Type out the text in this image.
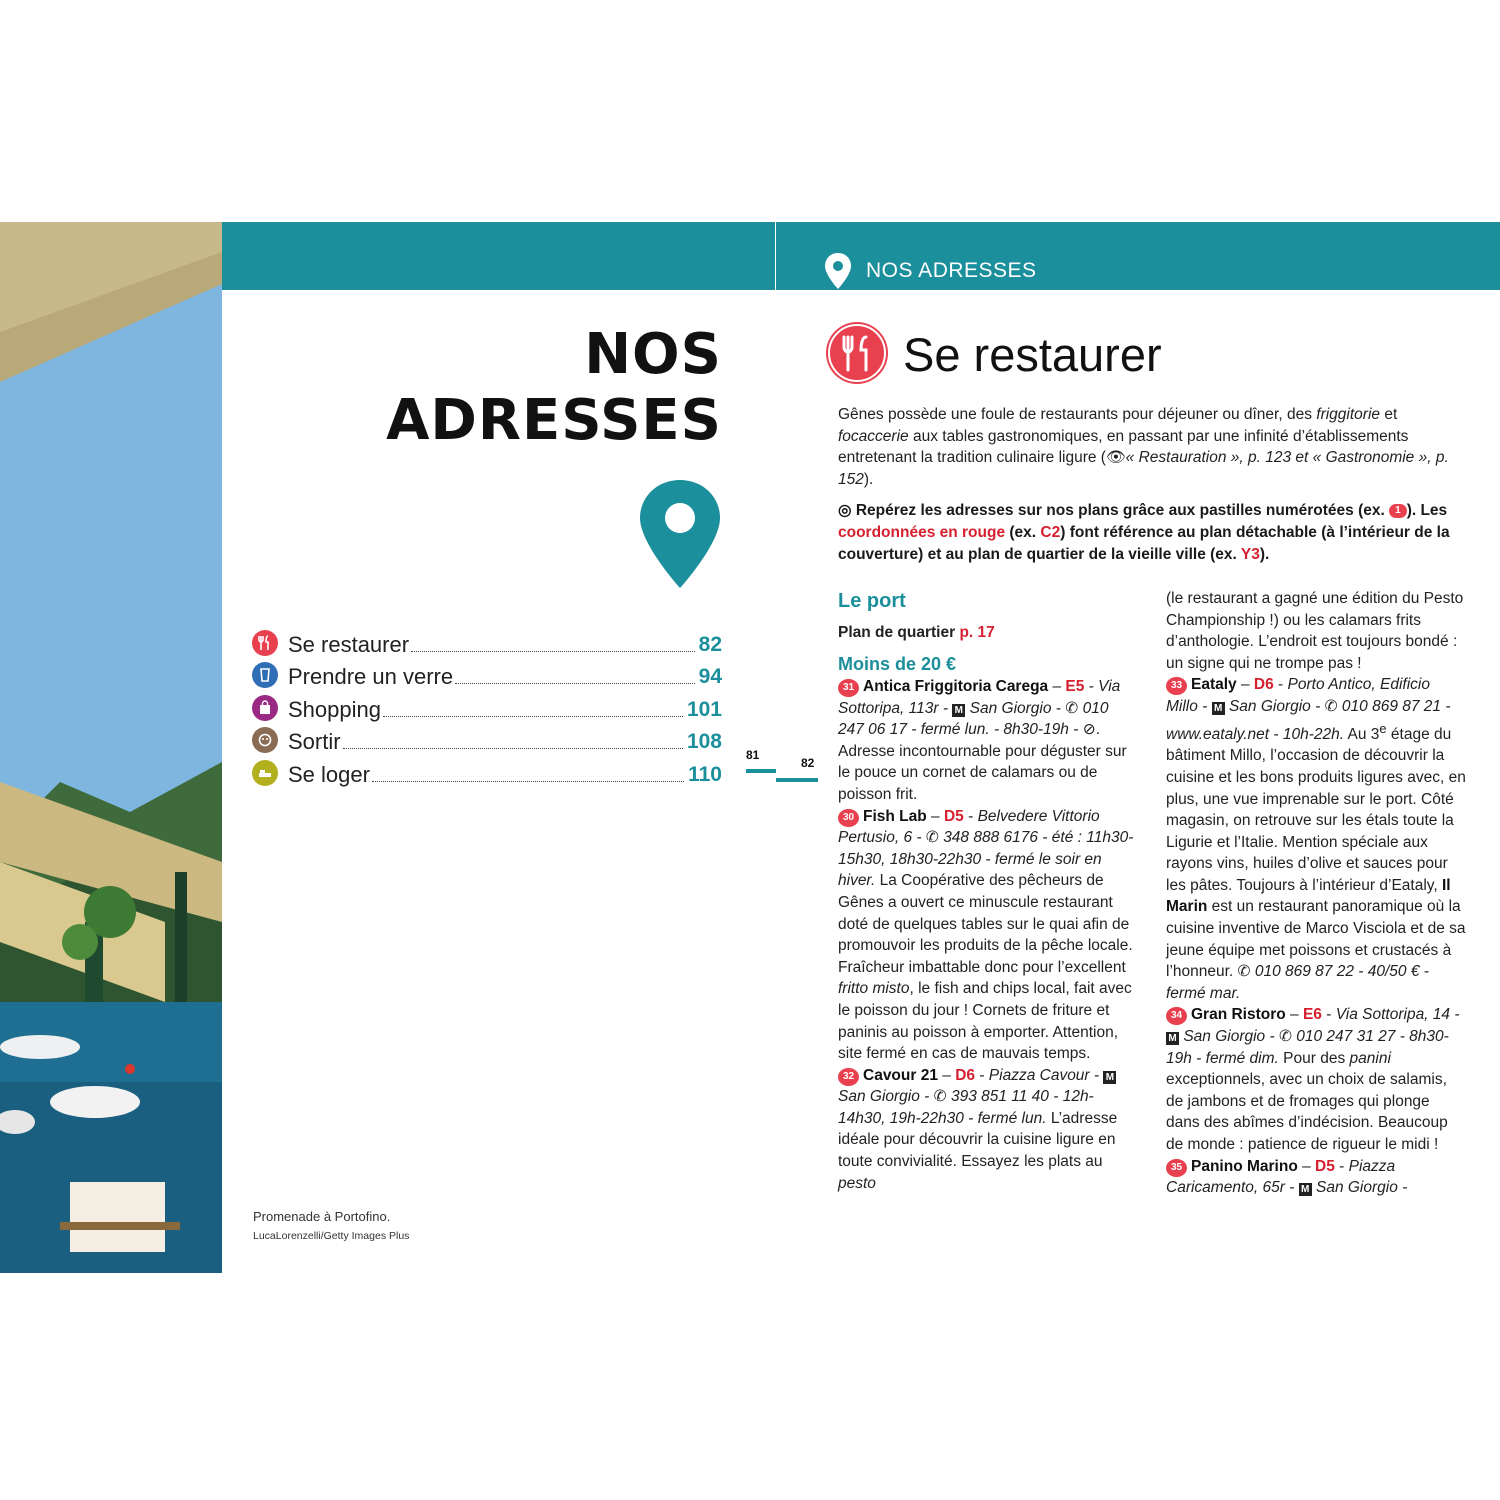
NOS ADRESSES
NOS
ADRESSES
Se restaurer	82
Prendre un verre	94
Shopping	101
Sortir	108
Se loger	110
Promenade à Portofino.
LucaLorenzelli/Getty Images Plus
81
82
Se restaurer
Gênes possède une foule de restaurants pour déjeuner ou dîner, des friggitorie et focaccerie aux tables gastronomiques, en passant par une infinité d’établissements entretenant la tradition culinaire ligure (👁︎« Restauration », p. 123 et « Gastronomie », p. 152).
◎ Repérez les adresses sur nos plans grâce aux pastilles numérotées (ex. 1 ). Les coordonnées en rouge (ex. C2) font référence au plan détachable (à l’intérieur de la couverture) et au plan de quartier de la vieille ville (ex. Y3).
Le port
Plan de quartier p. 17
Moins de 20 €
31 Antica Friggitoria Carega – E5 - Via Sottoripa, 113r - M San Giorgio - ✆ 010 247 06 17 - fermé lun. - 8h30-19h - ⊘. Adresse incontournable pour déguster sur le pouce un cornet de calamars ou de poisson frit.
30 Fish Lab – D5 - Belvedere Vittorio Pertusio, 6 - ✆ 348 888 6176 - été : 11h30-15h30, 18h30-22h30 - fermé le soir en hiver. La Coopérative des pêcheurs de Gênes a ouvert ce minuscule restaurant doté de quelques tables sur le quai afin de promouvoir les produits de la pêche locale. Fraîcheur imbattable donc pour l’excellent fritto misto, le fish and chips local, fait avec le poisson du jour ! Cornets de friture et paninis au poisson à emporter. Attention, site fermé en cas de mauvais temps.
32 Cavour 21 – D6 - Piazza Cavour - M San Giorgio - ✆ 393 851 11 40 - 12h-14h30, 19h-22h30 - fermé lun. L’adresse idéale pour découvrir la cuisine ligure en toute convivialité. Essayez les plats au pesto
(le restaurant a gagné une édition du Pesto Championship !) ou les calamars frits d’anthologie. L’endroit est toujours bondé : un signe qui ne trompe pas !
33 Eataly – D6 - Porto Antico, Edificio Millo - M San Giorgio - ✆ 010 869 87 21 - www.eataly.net - 10h-22h. Au 3e étage du bâtiment Millo, l’occasion de découvrir la cuisine et les bons produits ligures avec, en plus, une vue imprenable sur le port. Côté magasin, on retrouve sur les étals toute la Ligurie et l’Italie. Mention spéciale aux rayons vins, huiles d’olive et sauces pour les pâtes. Toujours à l’intérieur d’Eataly, Il Marin est un restaurant panoramique où la cuisine inventive de Marco Visciola et de sa jeune équipe met poissons et crustacés à l’honneur. ✆ 010 869 87 22 - 40/50 € - fermé mar.
34 Gran Ristoro – E6 - Via Sottoripa, 14 - M San Giorgio - ✆ 010 247 31 27 - 8h30-19h - fermé dim. Pour des panini exceptionnels, avec un choix de salamis, de jambons et de fromages qui plonge dans des abîmes d’indécision. Beaucoup de monde : patience de rigueur le midi !
35 Panino Marino – D5 - Piazza Caricamento, 65r - M San Giorgio -
